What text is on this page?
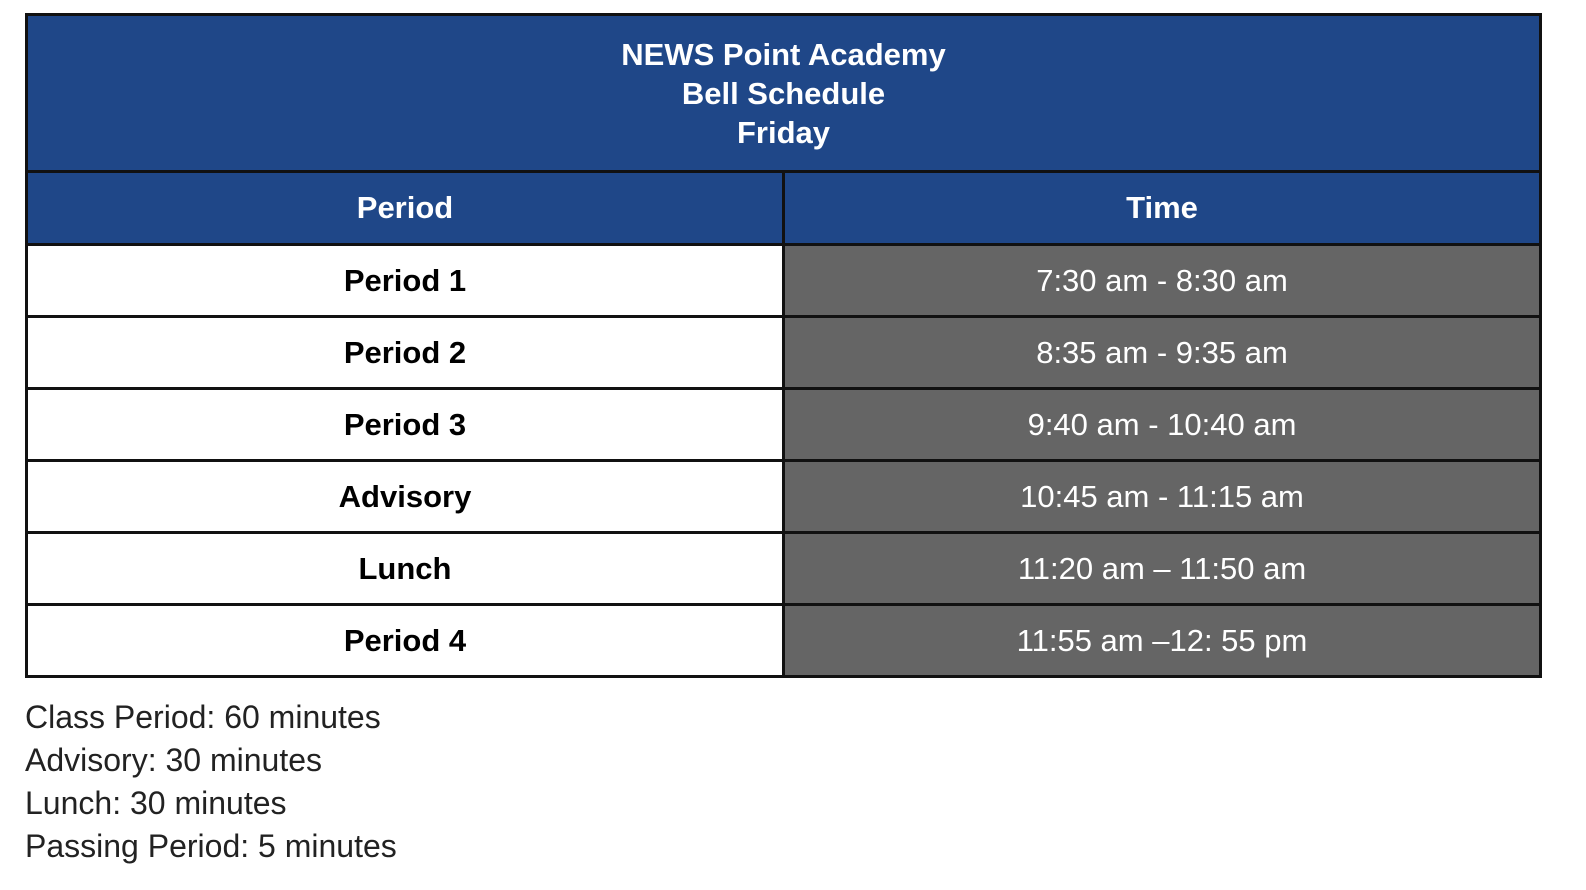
NEWS Point Academy
Bell Schedule
Friday	

Period	Time
Period 1	7:30 am - 8:30 am
Period 2	8:35 am - 9:35 am
Period 3	9:40 am - 10:40 am
Advisory	10:45 am - 11:15 am
Lunch	11:20 am – 11:50 am
Period 4	11:55 am –12: 55 pm
Class Period: 60 minutes
Advisory: 30 minutes
Lunch: 30 minutes
Passing Period: 5 minutes
